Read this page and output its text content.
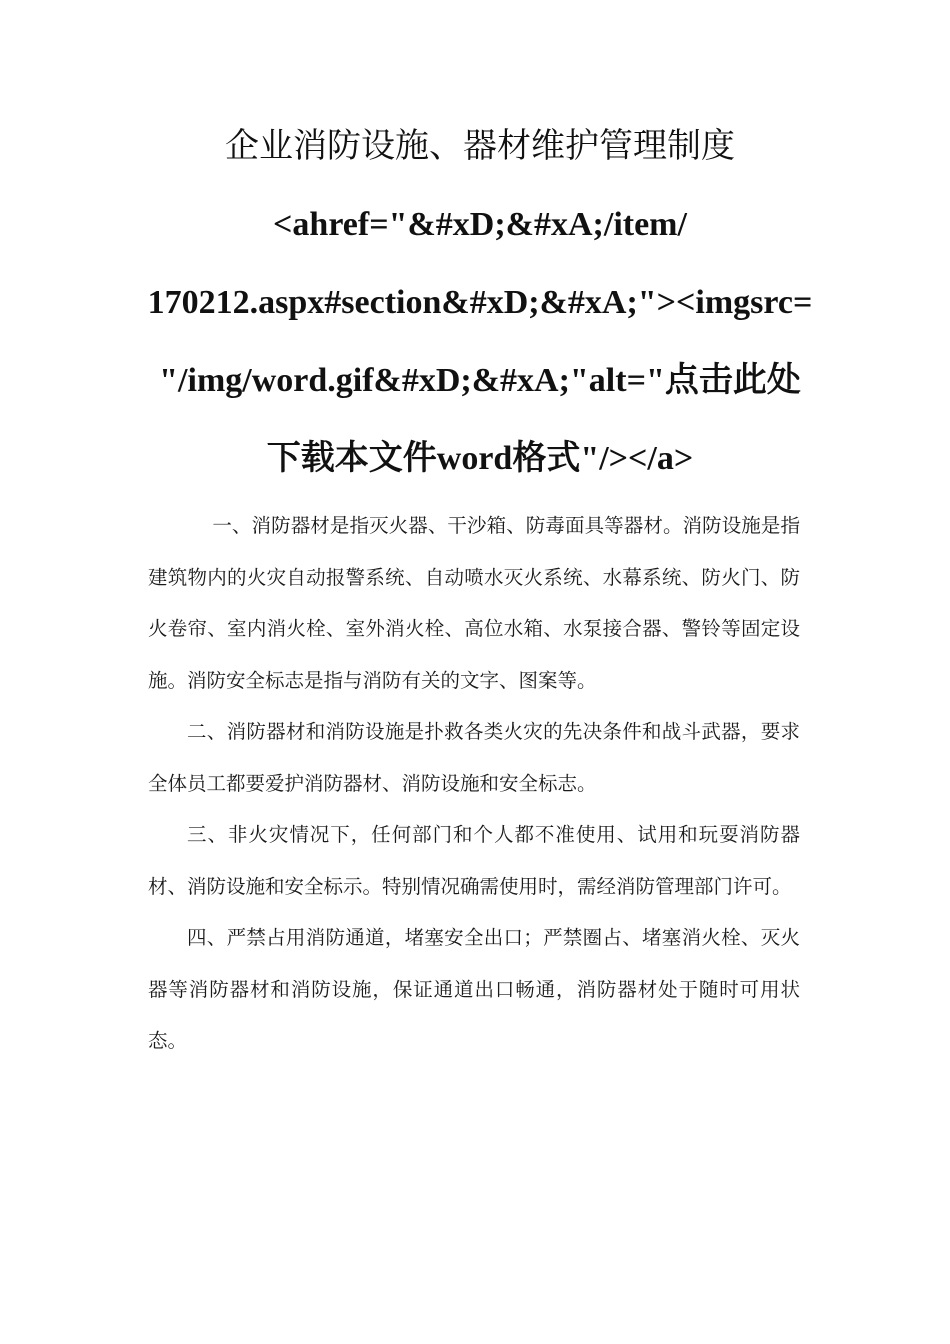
企业消防设施、器材维护管理制度
<ahref="&#xD;&#xA;/item/
170212.aspx#section&#xD;&#xA;"><imgsrc=
"/img/word.gif&#xD;&#xA;"alt="点击此处
下载本文件word格式"/></a>

一、消防器材是指灭火器、干沙箱、防毒面具等器材。消防设施是指建筑物内的火灾自动报警系统、自动喷水灭火系统、水幕系统、防火门、防火卷帘、室内消火栓、室外消火栓、高位水箱、水泵接合器、警铃等固定设施。消防安全标志是指与消防有关的文字、图案等。

二、消防器材和消防设施是扑救各类火灾的先决条件和战斗武器，要求全体员工都要爱护消防器材、消防设施和安全标志。

三、非火灾情况下，任何部门和个人都不准使用、试用和玩耍消防器材、消防设施和安全标示。特别情况确需使用时，需经消防管理部门许可。

四、严禁占用消防通道，堵塞安全出口；严禁圈占、堵塞消火栓、灭火器等消防器材和消防设施，保证通道出口畅通，消防器材处于随时可用状态。
